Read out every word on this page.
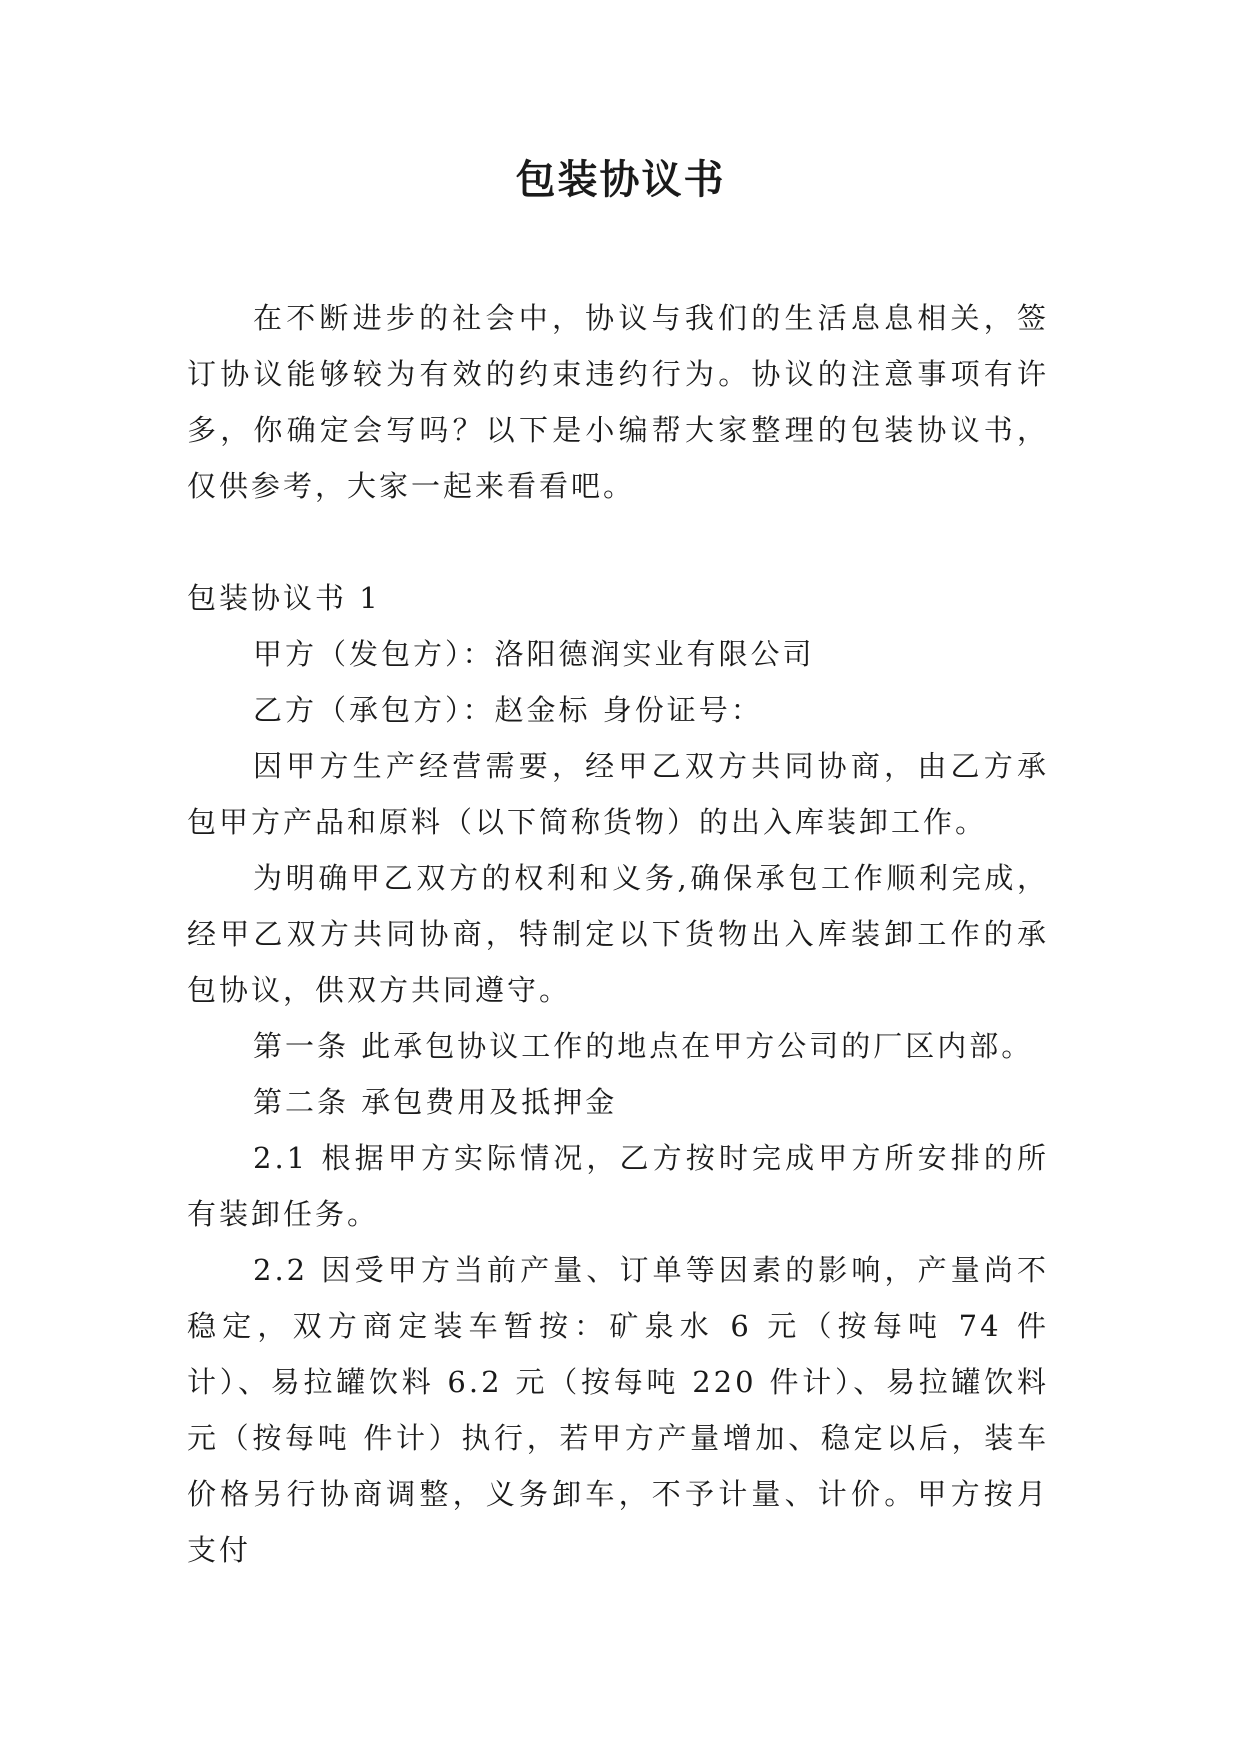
包装协议书

在不断进步的社会中，协议与我们的生活息息相关，签订协议能够较为有效的约束违约行为。协议的注意事项有许多，你确定会写吗？以下是小编帮大家整理的包装协议书，仅供参考，大家一起来看看吧。

包装协议书 1

甲方（发包方）：洛阳德润实业有限公司

乙方（承包方）：赵金标 身份证号：

因甲方生产经营需要，经甲乙双方共同协商，由乙方承包甲方产品和原料（以下简称货物）的出入库装卸工作。

为明确甲乙双方的权利和义务,确保承包工作顺利完成，经甲乙双方共同协商，特制定以下货物出入库装卸工作的承包协议，供双方共同遵守。

第一条 此承包协议工作的地点在甲方公司的厂区内部。

第二条 承包费用及抵押金

2.1 根据甲方实际情况，乙方按时完成甲方所安排的所有装卸任务。

2.2 因受甲方当前产量、订单等因素的影响，产量尚不稳定，双方商定装车暂按：矿泉水 6 元（按每吨 74 件计）、易拉罐饮料 6.2 元（按每吨 220 件计）、易拉罐饮料 元（按每吨 件计）执行，若甲方产量增加、稳定以后，装车价格另行协商调整，义务卸车，不予计量、计价。甲方按月支付
